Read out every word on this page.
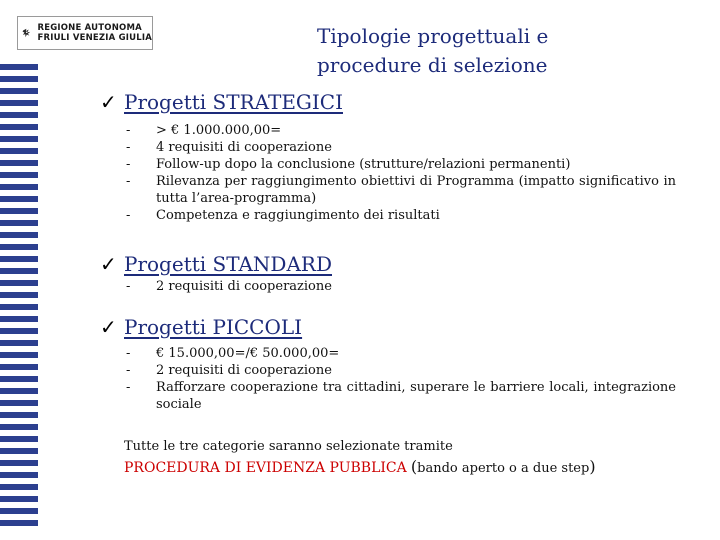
REGIONE AUTONOMA
FRIULI VENEZIA GIULIA	Tipologie progettuali e
procedure di selezione
✓ Progetti STRATEGICI
-	> € 1.000.000,00=
-	4 requisiti di cooperazione
-	Follow-up dopo la conclusione (strutture/relazioni permanenti)
-	Rilevanza per raggiungimento obiettivi di Programma (impatto significativo in tutta l’area-programma)
-	Competenza e raggiungimento dei risultati
✓ Progetti STANDARD
-	2 requisiti di cooperazione
✓ Progetti PICCOLI
-	€ 15.000,00=/€ 50.000,00=
-	2 requisiti di cooperazione
-	Rafforzare cooperazione tra cittadini, superare le barriere locali, integrazione sociale
Tutte le tre categorie saranno selezionate tramite
PROCEDURA DI EVIDENZA PUBBLICA (bando aperto o a due step)
